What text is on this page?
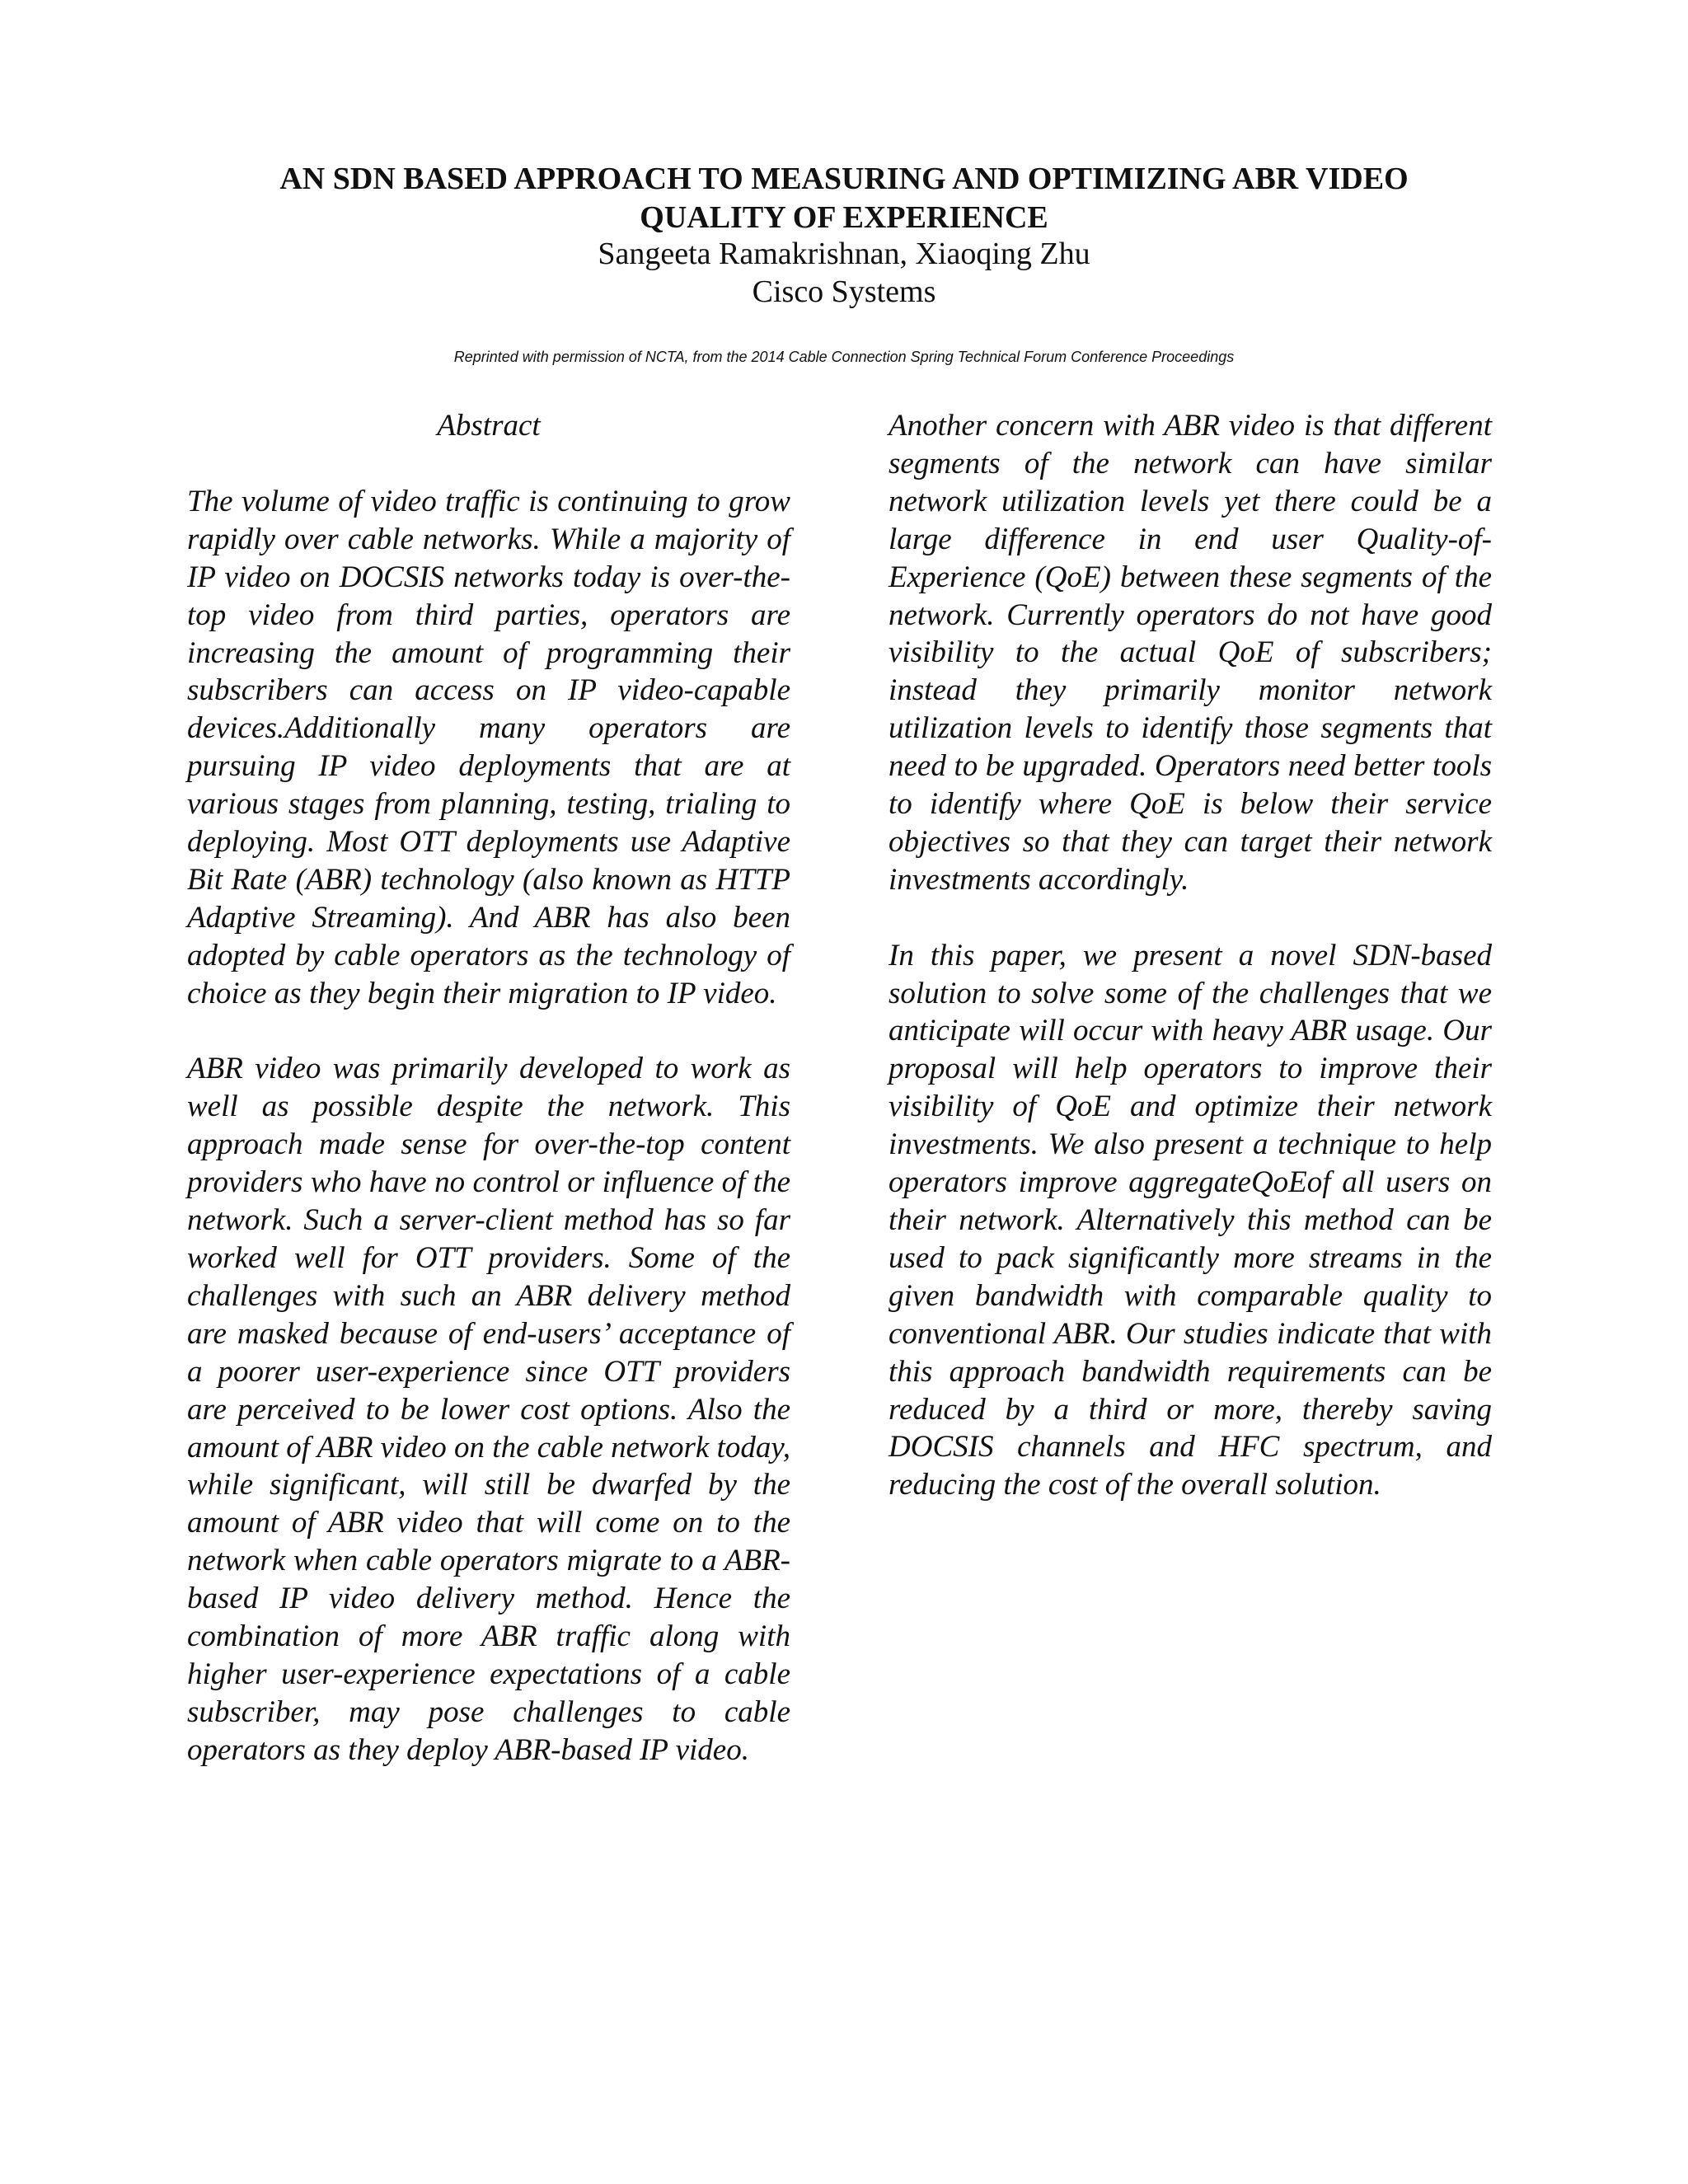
AN SDN BASED APPROACH TO MEASURING AND OPTIMIZING ABR VIDEO
QUALITY OF EXPERIENCE
Sangeeta Ramakrishnan, Xiaoqing Zhu
Cisco Systems
Reprinted with permission of NCTA, from the 2014 Cable Connection Spring Technical Forum Conference Proceedings
Abstract

The volume of video traffic is continuing to grow rapidly over cable networks. While a majority of IP video on DOCSIS networks today is over-the-top video from third parties, operators are increasing the amount of programming their subscribers can access on IP video-capable devices.Additionally many operators are pursuing IP video deployments that are at various stages from planning, testing, trialing to deploying. Most OTT deployments use Adaptive Bit Rate (ABR) technology (also known as HTTP Adaptive Streaming). And ABR has also been adopted by cable operators as the technology of choice as they begin their migration to IP video.

ABR video was primarily developed to work as well as possible despite the network. This approach made sense for over-the-top content providers who have no control or influence of the network. Such a server-client method has so far worked well for OTT providers. Some of the challenges with such an ABR delivery method are masked because of end-users’ acceptance of a poorer user-experience since OTT providers are perceived to be lower cost options. Also the amount of ABR video on the cable network today, while significant, will still be dwarfed by the amount of ABR video that will come on to the network when cable operators migrate to a ABR-based IP video delivery method. Hence the combination of more ABR traffic along with higher user-experience expectations of a cable subscriber, may pose challenges to cable operators as they deploy ABR-based IP video.

Another concern with ABR video is that different segments of the network can have similar network utilization levels yet there could be a large difference in end user Quality-of-Experience (QoE) between these segments of the network. Currently operators do not have good visibility to the actual QoE of subscribers; instead they primarily monitor network utilization levels to identify those segments that need to be upgraded. Operators need better tools to identify where QoE is below their service objectives so that they can target their network investments accordingly.

In this paper, we present a novel SDN-based solution to solve some of the challenges that we anticipate will occur with heavy ABR usage. Our proposal will help operators to improve their visibility of QoE and optimize their network investments. We also present a technique to help operators improve aggregateQoEof all users on their network. Alternatively this method can be used to pack significantly more streams in the given bandwidth with comparable quality to conventional ABR. Our studies indicate that with this approach bandwidth requirements can be reduced by a third or more, thereby saving DOCSIS channels and HFC spectrum, and reducing the cost of the overall solution.
